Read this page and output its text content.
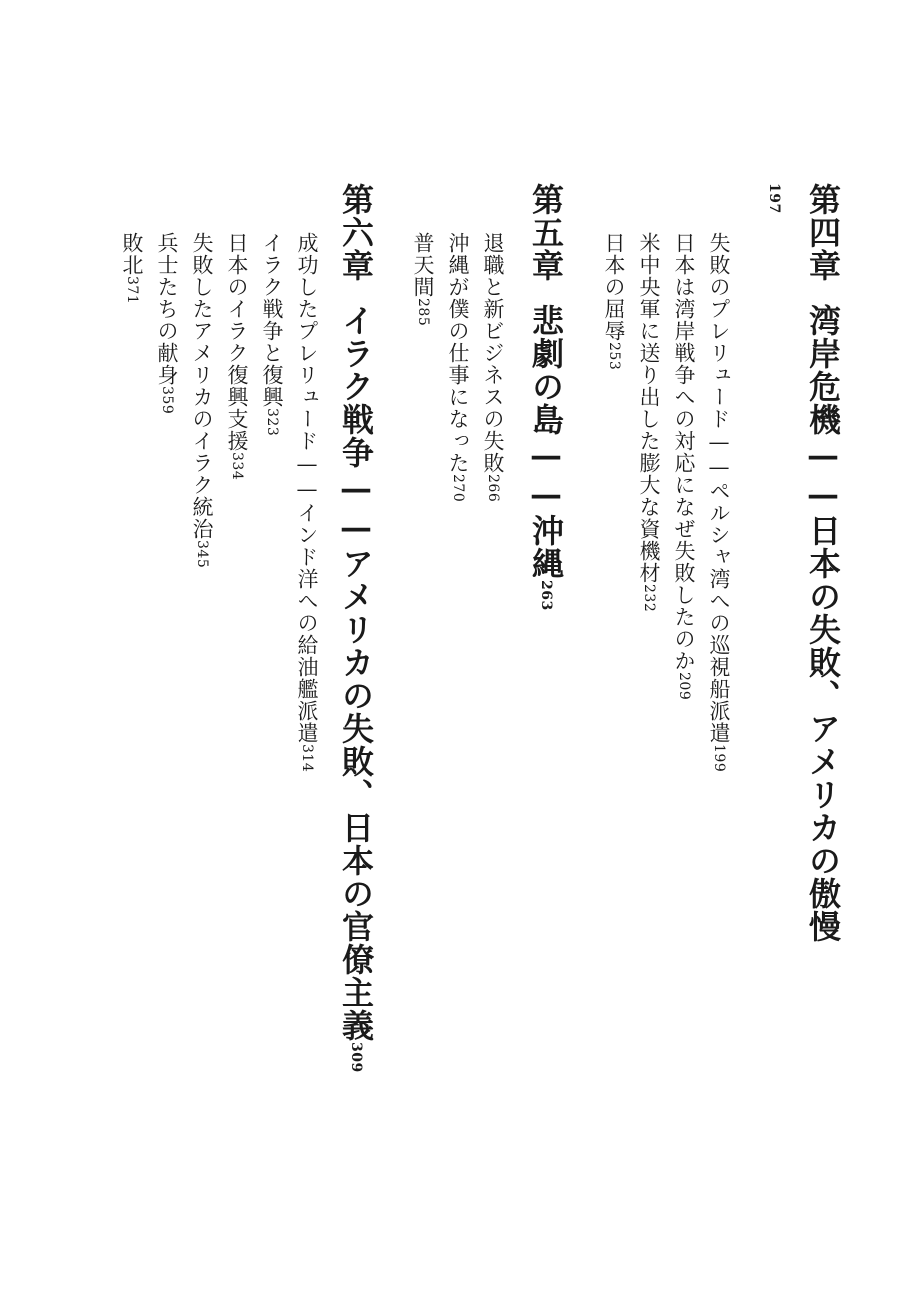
第四章湾岸危機——日本の失敗、アメリカの傲慢
197
失敗のプレリュード——ペルシャ湾への巡視船派遣199
日本は湾岸戦争への対応になぜ失敗したのか209
米中央軍に送り出した膨大な資機材232
日本の屈辱253
第五章悲劇の島——沖縄263
退職と新ビジネスの失敗266
沖縄が僕の仕事になった270
普天間285
第六章イラク戦争——アメリカの失敗、日本の官僚主義309
成功したプレリュード——インド洋への給油艦派遣314
イラク戦争と復興323
日本のイラク復興支援334
失敗したアメリカのイラク統治345
兵士たちの献身359
敗北371
